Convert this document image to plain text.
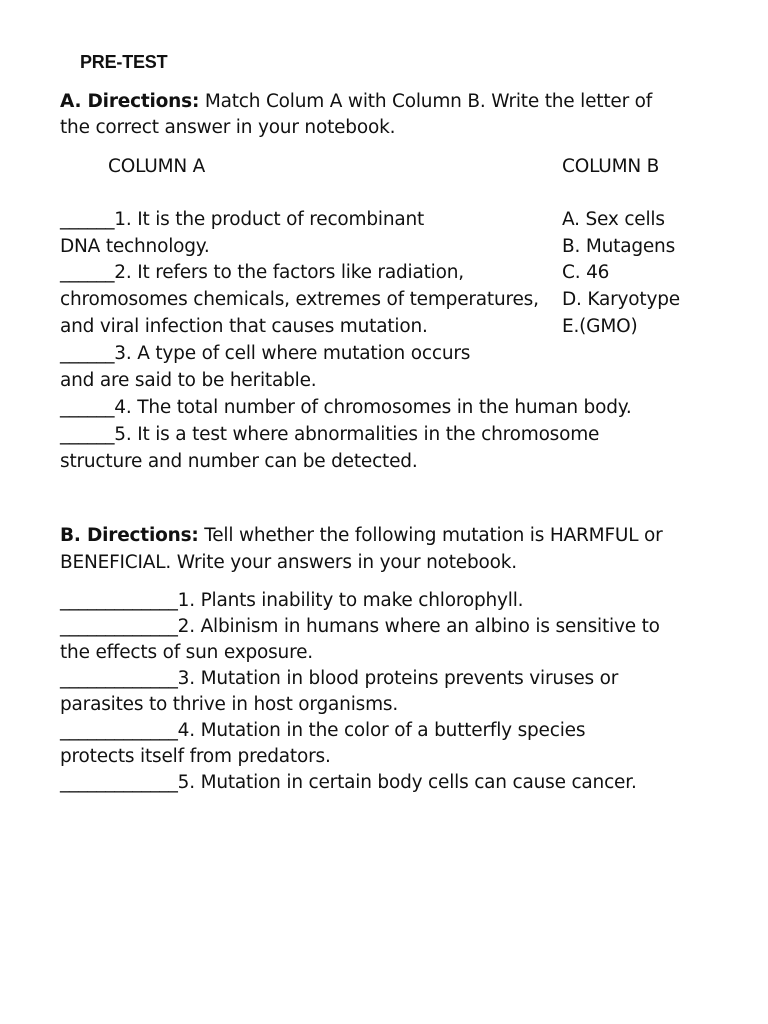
PRE-TEST
A. Directions: Match Colum A with Column B. Write the letter of
the correct answer in your notebook.
COLUMN A	COLUMN B
______1. It is the product of recombinant
DNA technology.
______2. It refers to the factors like radiation,
chromosomes chemicals, extremes of temperatures,
and viral infection that causes mutation.
______3. A type of cell where mutation occurs
and are said to be heritable.
______4. The total number of chromosomes in the human body.
______5. It is a test where abnormalities in the chromosome
structure and number can be detected.
A. Sex cells
B. Mutagens
C. 46
D. Karyotype
E.(GMO)
B. Directions: Tell whether the following mutation is HARMFUL or
BENEFICIAL. Write your answers in your notebook.
_____________1. Plants inability to make chlorophyll.
_____________2. Albinism in humans where an albino is sensitive to
the effects of sun exposure.
_____________3. Mutation in blood proteins prevents viruses or
parasites to thrive in host organisms.
_____________4. Mutation in the color of a butterfly species
protects itself from predators.
_____________5. Mutation in certain body cells can cause cancer.
